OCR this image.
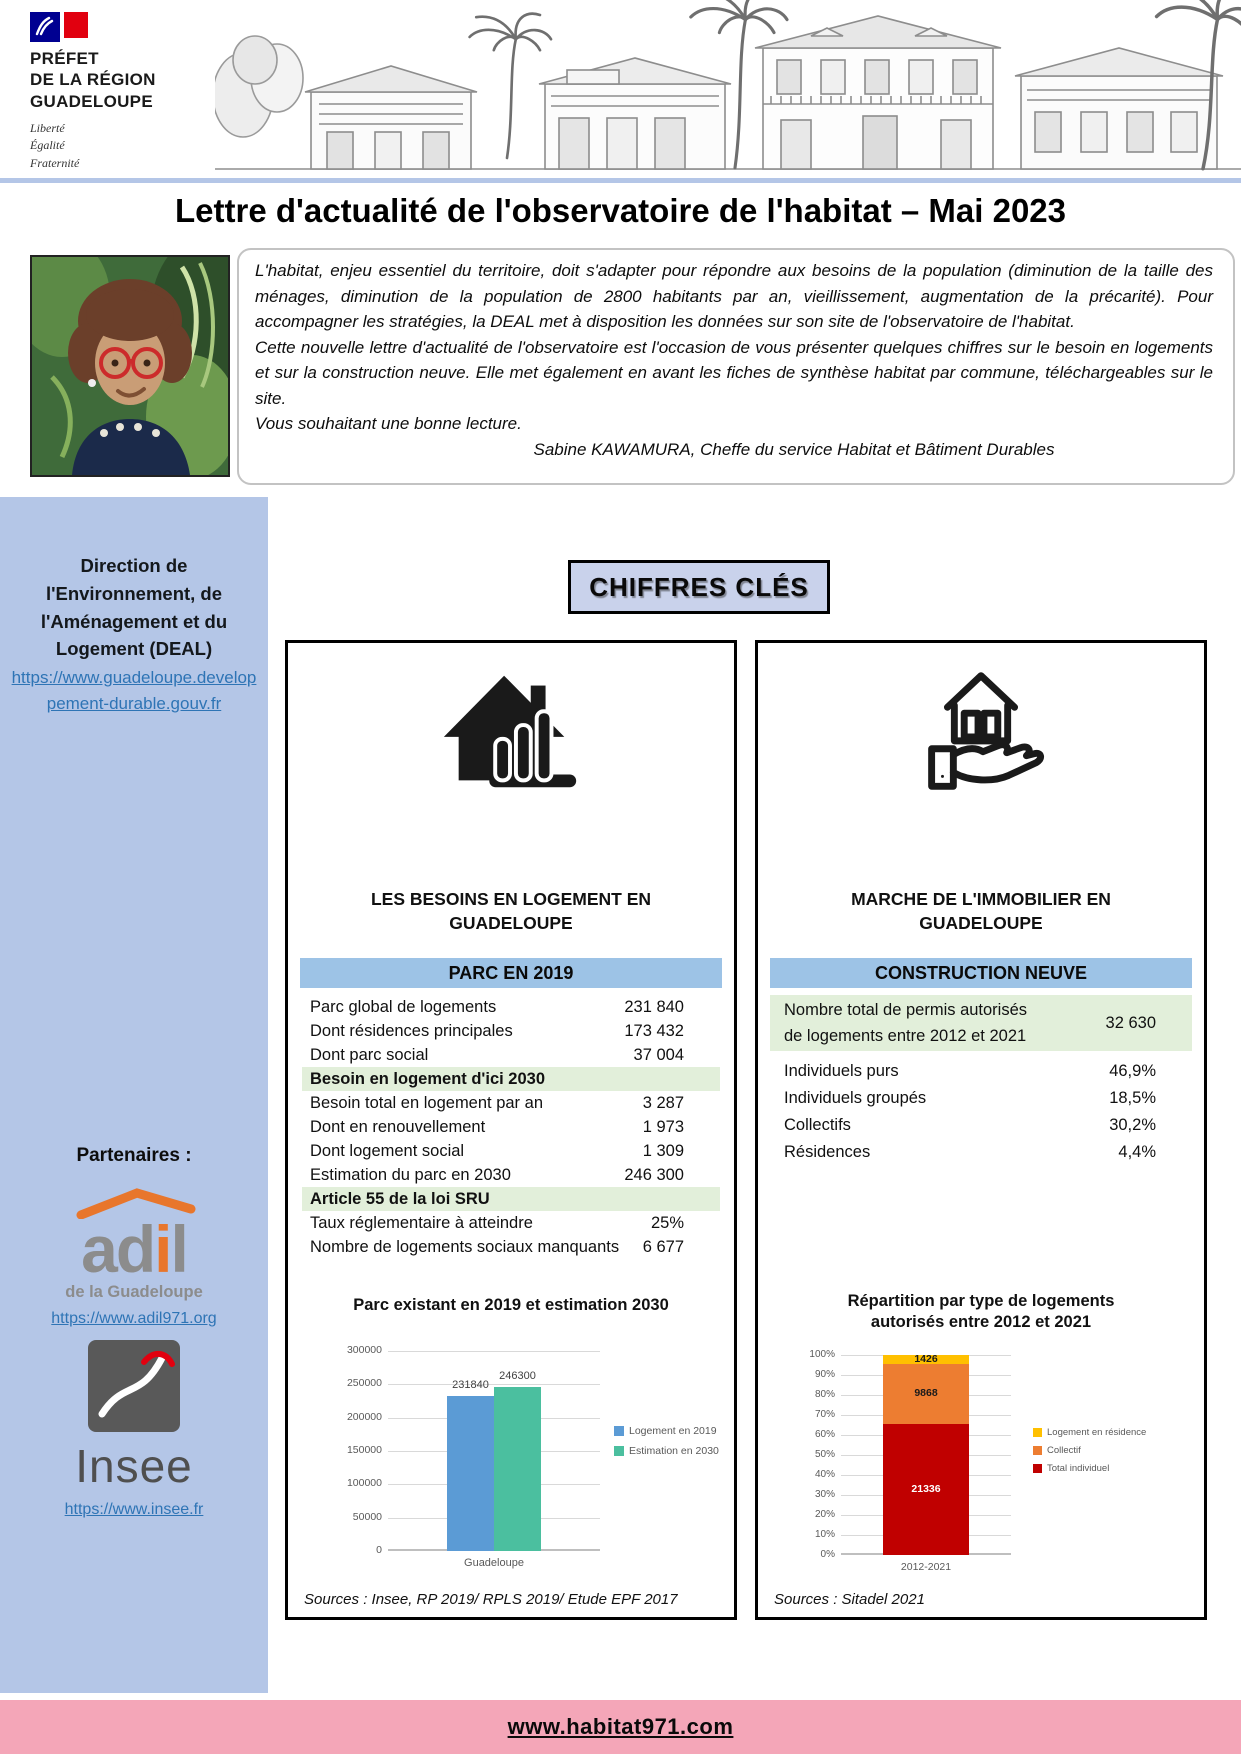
PRÉFET
DE LA RÉGION
GUADELOUPE
Liberté
Égalité
Fraternité
Lettre d'actualité de l'observatoire de l'habitat – Mai 2023

L'habitat, enjeu essentiel du territoire, doit s'adapter pour répondre aux besoins de la population (diminution de la taille des ménages, diminution de la population de 2800 habitants par an, vieillissement, augmentation de la précarité). Pour accompagner les stratégies, la DEAL met à disposition les données sur son site de l'observatoire de l'habitat.

Cette nouvelle lettre d'actualité de l'observatoire est l'occasion de vous présenter quelques chiffres sur le besoin en logements et sur la construction neuve. Elle met également en avant les fiches de synthèse habitat par commune, téléchargeables sur le site.

Vous souhaitant une bonne lecture.

Sabine KAWAMURA, Cheffe du service Habitat et Bâtiment Durables

Direction de l'Environnement, de l'Aménagement et du Logement (DEAL)
https://www.guadeloupe.developpement-durable.gouv.fr
Partenaires :
adil
de la Guadeloupe
https://www.adil971.org
Insee
https://www.insee.fr
CHIFFRES CLÉS
LES BESOINS EN LOGEMENT EN GUADELOUPE
PARC EN 2019
Parc global de logements	231 840
Dont résidences principales	173 432
Dont parc social	37 004
Besoin en logement d'ici 2030
Besoin total en logement par an	3 287
Dont en renouvellement	1 973
Dont logement social	1 309
Estimation du parc en 2030	246 300
Article 55 de la loi SRU
Taux réglementaire à atteindre	25%
Nombre de logements sociaux manquants	6 677
Parc existant en 2019 et estimation 2030
0
50000
100000
150000
200000
250000
300000
231840
246300
Guadeloupe
Logement en 2019
Estimation en 2030
Sources : Insee, RP 2019/ RPLS 2019/ Etude EPF 2017
MARCHE DE L'IMMOBILIER EN GUADELOUPE
CONSTRUCTION NEUVE
Nombre total de permis autorisés
de logements entre 2012 et 2021
32 630
Individuels purs	46,9%
Individuels groupés	18,5%
Collectifs	30,2%
Résidences	4,4%
Répartition par type de logements autorisés entre 2012 et 2021
21336
9868
1426
0%
10%
20%
30%
40%
50%
60%
70%
80%
90%
100%
2012-2021
Logement en résidence
Collectif
Total individuel
Sources : Sitadel 2021
www.habitat971.com
